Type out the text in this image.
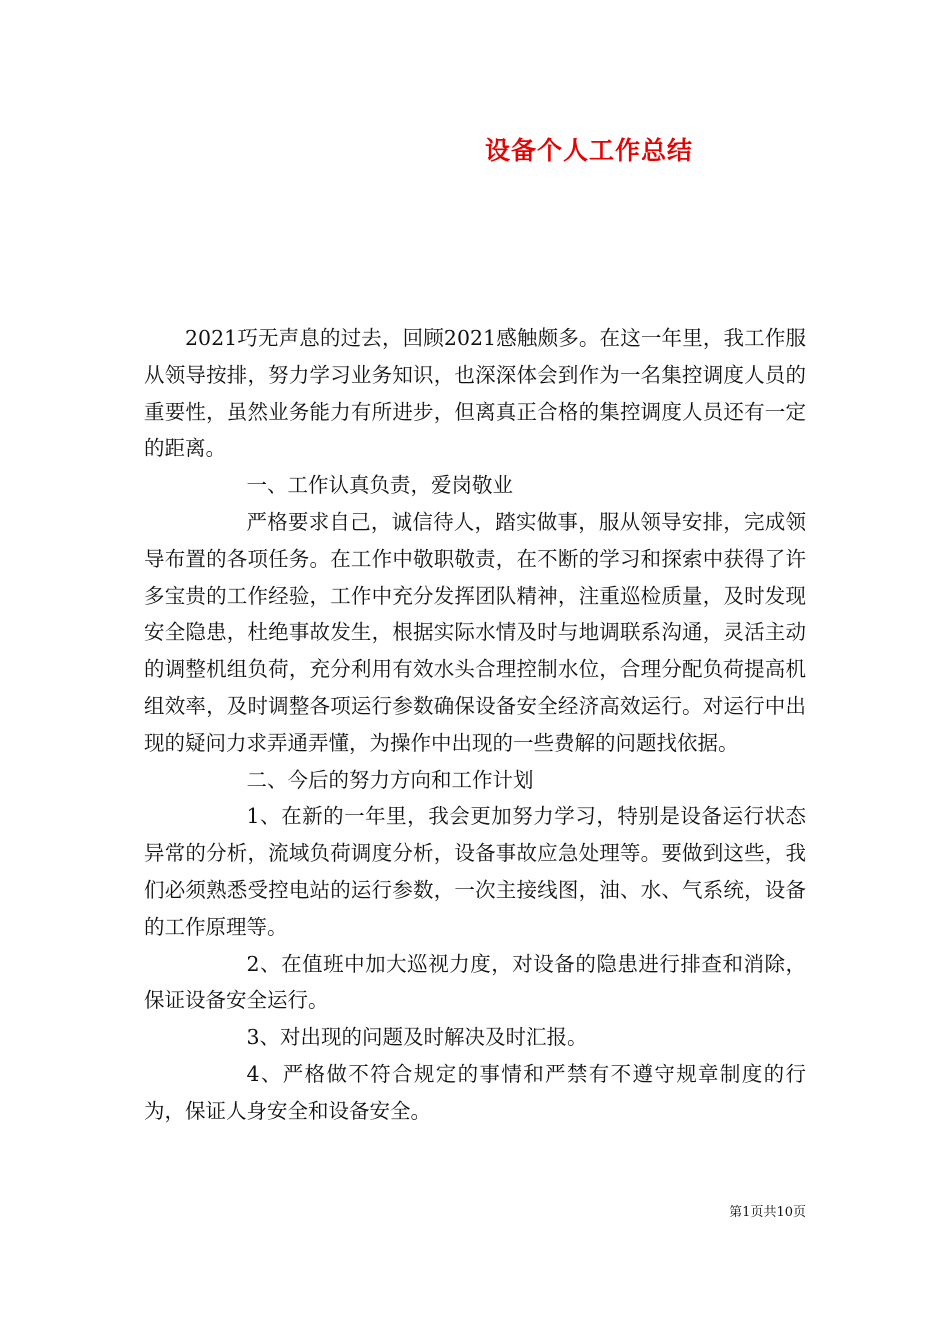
设备个人工作总结

2021巧无声息的过去，回顾2021感触颇多。在这一年里，我工作服从领导按排，努力学习业务知识，也深深体会到作为一名集控调度人员的重要性，虽然业务能力有所进步，但离真正合格的集控调度人员还有一定的距离。

一、工作认真负责，爱岗敬业

严格要求自己，诚信待人，踏实做事，服从领导安排，完成领导布置的各项任务。在工作中敬职敬责，在不断的学习和探索中获得了许多宝贵的工作经验，工作中充分发挥团队精神，注重巡检质量，及时发现安全隐患，杜绝事故发生，根据实际水情及时与地调联系沟通，灵活主动的调整机组负荷，充分利用有效水头合理控制水位，合理分配负荷提高机组效率，及时调整各项运行参数确保设备安全经济高效运行。对运行中出现的疑问力求弄通弄懂，为操作中出现的一些费解的问题找依据。

二、今后的努力方向和工作计划

1、在新的一年里，我会更加努力学习，特别是设备运行状态异常的分析，流域负荷调度分析，设备事故应急处理等。要做到这些，我们必须熟悉受控电站的运行参数，一次主接线图，油、水、气系统，设备的工作原理等。

2、在值班中加大巡视力度，对设备的隐患进行排查和消除，保证设备安全运行。

3、对出现的问题及时解决及时汇报。

4、严格做不符合规定的事情和严禁有不遵守规章制度的行为，保证人身安全和设备安全。

第1页共10页
